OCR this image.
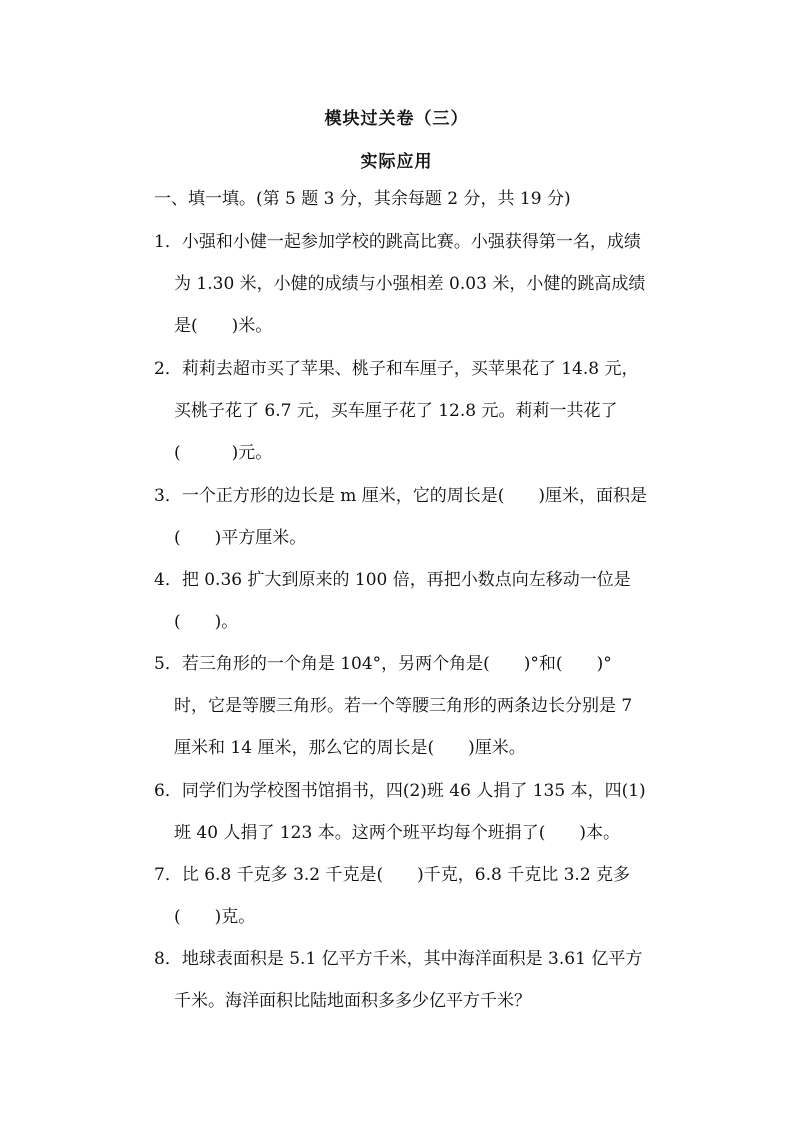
模块过关卷（三）
实际应用
一、填一填。(第 5 题 3 分，其余每题 2 分，共 19 分)
1．小强和小健一起参加学校的跳高比赛。小强获得第一名，成绩
为 1.30 米，小健的成绩与小强相差 0.03 米，小健的跳高成绩
是(　　)米。
2．莉莉去超市买了苹果、桃子和车厘子，买苹果花了 14.8 元，
买桃子花了 6.7 元，买车厘子花了 12.8 元。莉莉一共花了
(　　　)元。
3．一个正方形的边长是 m 厘米，它的周长是(　　)厘米，面积是
(　　)平方厘米。
4．把 0.36 扩大到原来的 100 倍，再把小数点向左移动一位是
(　　)。
5．若三角形的一个角是 104°，另两个角是(　　)°和(　　)°
时，它是等腰三角形。若一个等腰三角形的两条边长分别是 7
厘米和 14 厘米，那么它的周长是(　　)厘米。
6．同学们为学校图书馆捐书，四(2)班 46 人捐了 135 本，四(1)
班 40 人捐了 123 本。这两个班平均每个班捐了(　　)本。
7．比 6.8 千克多 3.2 千克是(　　)千克，6.8 千克比 3.2 克多
(　　)克。
8．地球表面积是 5.1 亿平方千米，其中海洋面积是 3.61 亿平方
千米。海洋面积比陆地面积多多少亿平方千米？
